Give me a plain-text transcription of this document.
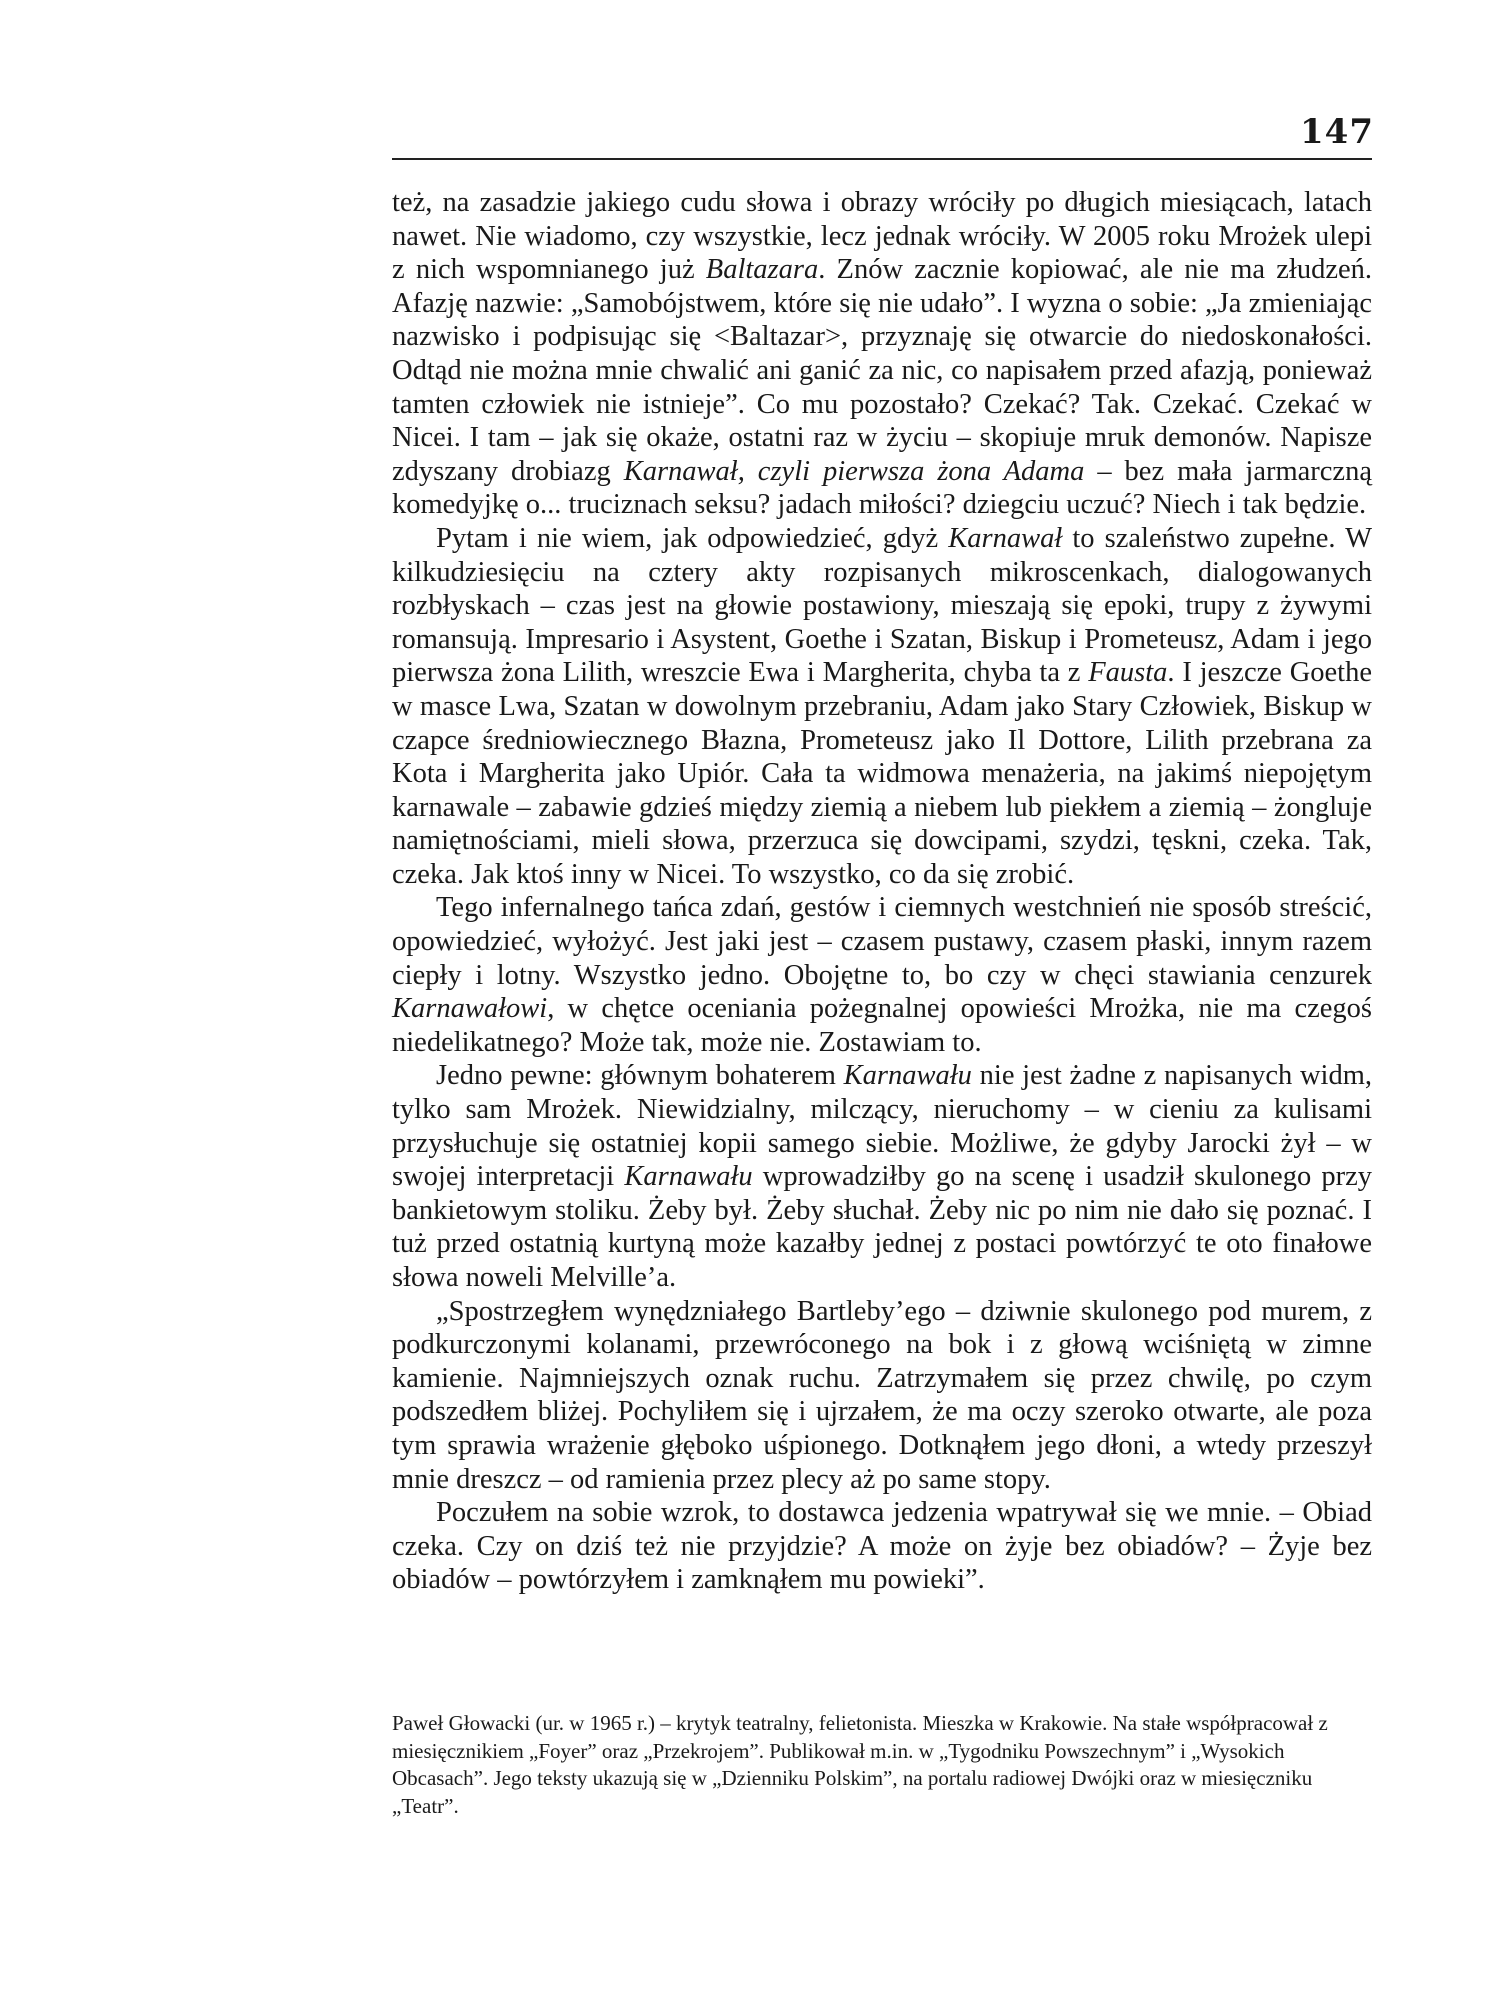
147

też, na zasadzie jakiego cudu słowa i obrazy wróciły po długich miesiącach, latach nawet. Nie wiadomo, czy wszystkie, lecz jednak wróciły. W 2005 roku Mrożek ulepi z nich wspomnianego już Baltazara. Znów zacznie kopiować, ale nie ma złudzeń. Afazję nazwie: „Samobójstwem, które się nie udało”. I wyzna o sobie: „Ja zmieniając nazwisko i podpisując się <Baltazar>, przyznaję się otwarcie do niedoskonałości. Odtąd nie można mnie chwalić ani ganić za nic, co napisałem przed afazją, ponieważ tamten człowiek nie istnieje”. Co mu pozostało? Czekać? Tak. Czekać. Czekać w Nicei. I tam – jak się okaże, ostatni raz w życiu – skopiuje mruk demonów. Napisze zdyszany drobiazg Karnawał, czyli pierwsza żona Adama – bez mała jarmarczną komedyjkę o... truciznach seksu? jadach miłości? dziegciu uczuć? Niech i tak będzie.

Pytam i nie wiem, jak odpowiedzieć, gdyż Karnawał to szaleństwo zupełne. W kilkudziesięciu na cztery akty rozpisanych mikroscenkach, dialogowanych rozbłyskach – czas jest na głowie postawiony, mieszają się epoki, trupy z żywymi romansują. Impresario i Asystent, Goethe i Szatan, Biskup i Prometeusz, Adam i jego pierwsza żona Lilith, wreszcie Ewa i Margherita, chyba ta z Fausta. I jeszcze Goethe w masce Lwa, Szatan w dowolnym przebraniu, Adam jako Stary Człowiek, Biskup w czapce średniowiecznego Błazna, Prometeusz jako Il Dottore, Lilith przebrana za Kota i Margherita jako Upiór. Cała ta widmowa menażeria, na jakimś niepojętym karnawale – zabawie gdzieś między ziemią a niebem lub piekłem a ziemią – żongluje namiętnościami, mieli słowa, przerzuca się dowcipami, szydzi, tęskni, czeka. Tak, czeka. Jak ktoś inny w Nicei. To wszystko, co da się zrobić.

Tego infernalnego tańca zdań, gestów i ciemnych westchnień nie sposób streścić, opowiedzieć, wyłożyć. Jest jaki jest – czasem pustawy, czasem płaski, innym razem ciepły i lotny. Wszystko jedno. Obojętne to, bo czy w chęci stawiania cenzurek Karnawałowi, w chętce oceniania pożegnalnej opowieści Mrożka, nie ma czegoś niedelikatnego? Może tak, może nie. Zostawiam to.

Jedno pewne: głównym bohaterem Karnawału nie jest żadne z napisanych widm, tylko sam Mrożek. Niewidzialny, milczący, nieruchomy – w cieniu za kulisami przysłuchuje się ostatniej kopii samego siebie. Możliwe, że gdyby Jarocki żył – w swojej interpretacji Karnawału wprowadziłby go na scenę i usadził skulonego przy bankietowym stoliku. Żeby był. Żeby słuchał. Żeby nic po nim nie dało się poznać. I tuż przed ostatnią kurtyną może kazałby jednej z postaci powtórzyć te oto finałowe słowa noweli Melville’a.

„Spostrzegłem wynędzniałego Bartleby’ego – dziwnie skulonego pod murem, z podkurczonymi kolanami, przewróconego na bok i z głową wciśniętą w zimne kamienie. Najmniejszych oznak ruchu. Zatrzymałem się przez chwilę, po czym podszedłem bliżej. Pochyliłem się i ujrzałem, że ma oczy szeroko otwarte, ale poza tym sprawia wrażenie głęboko uśpionego. Dotknąłem jego dłoni, a wtedy przeszył mnie dreszcz – od ramienia przez plecy aż po same stopy.

Poczułem na sobie wzrok, to dostawca jedzenia wpatrywał się we mnie. – Obiad czeka. Czy on dziś też nie przyjdzie? A może on żyje bez obiadów? – Żyje bez obiadów – powtórzyłem i zamknąłem mu powieki”.

Paweł Głowacki (ur. w 1965 r.) – krytyk teatralny, felietonista. Mieszka w Krakowie. Na stałe współpracował z miesięcznikiem „Foyer” oraz „Przekrojem”. Publikował m.in. w „Tygodniku Powszechnym” i „Wysokich Obcasach”. Jego teksty ukazują się w „Dzienniku Polskim”, na portalu radiowej Dwójki oraz w miesięczniku „Teatr”.
